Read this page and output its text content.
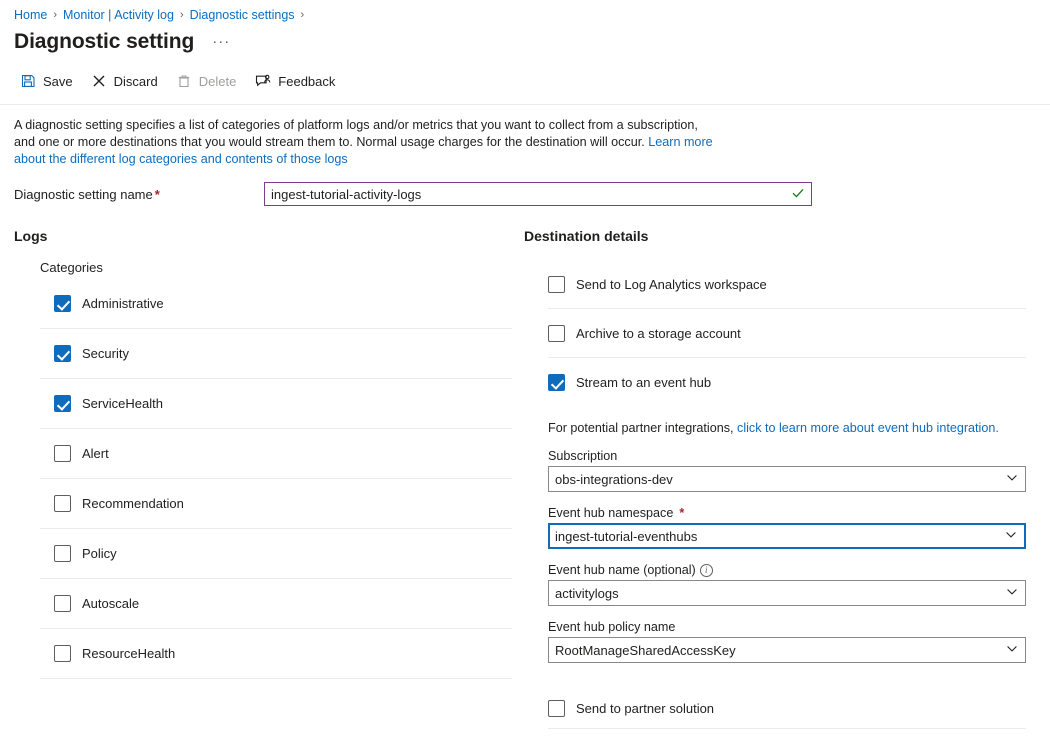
Home › Monitor | Activity log › Diagnostic settings ›
Diagnostic setting ···
Save	Discard	Delete	Feedback
A diagnostic setting specifies a list of categories of platform logs and/or metrics that you want to collect from a subscription, and one or more destinations that you would stream them to. Normal usage charges for the destination will occur. Learn more about the different log categories and contents of those logs
Diagnostic setting name *
ingest-tutorial-activity-logs
Logs
Categories
Administrative
Security
ServiceHealth
Alert
Recommendation
Policy
Autoscale
ResourceHealth
Destination details
Send to Log Analytics workspace
Archive to a storage account
Stream to an event hub
For potential partner integrations, click to learn more about event hub integration.
Subscription
obs-integrations-dev
Event hub namespace *
ingest-tutorial-eventhubs
Event hub name (optional)	i
activitylogs
Event hub policy name
RootManageSharedAccessKey
Send to partner solution
